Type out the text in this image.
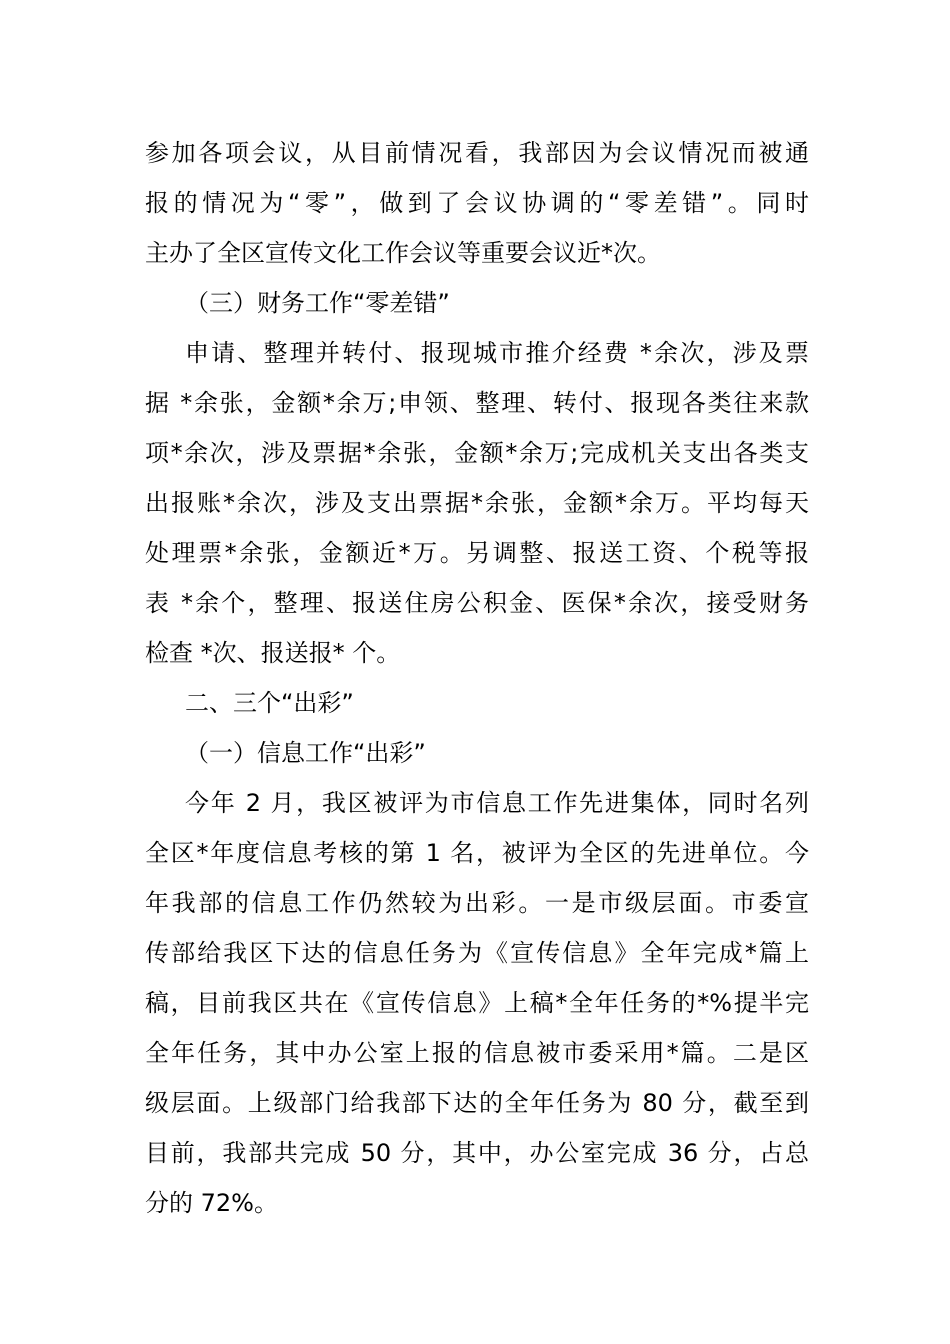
参加各项会议，从目前情况看，我部因为会议情况而被通
报的情况为“零”，做到了会议协调的“零差错”。同时
主办了全区宣传文化工作会议等重要会议近*次。
（三）财务工作“零差错”
申请、整理并转付、报现城市推介经费 *余次，涉及票
据 *余张，金额*余万;申领、整理、转付、报现各类往来款
项*余次，涉及票据*余张，金额*余万;完成机关支出各类支
出报账*余次，涉及支出票据*余张，金额*余万。平均每天
处理票*余张，金额近*万。另调整、报送工资、个税等报
表 *余个，整理、报送住房公积金、医保*余次，接受财务
检查 *次、报送报* 个。
二、三个“出彩”
（一）信息工作“出彩”
今年 2 月，我区被评为市信息工作先进集体，同时名列
全区*年度信息考核的第 1 名，被评为全区的先进单位。今
年我部的信息工作仍然较为出彩。一是市级层面。市委宣
传部给我区下达的信息任务为《宣传信息》全年完成*篇上
稿，目前我区共在《宣传信息》上稿*全年任务的*%提半完
全年任务，其中办公室上报的信息被市委采用*篇。二是区
级层面。上级部门给我部下达的全年任务为 80 分，截至到
目前，我部共完成 50 分，其中，办公室完成 36 分，占总
分的 72%。
